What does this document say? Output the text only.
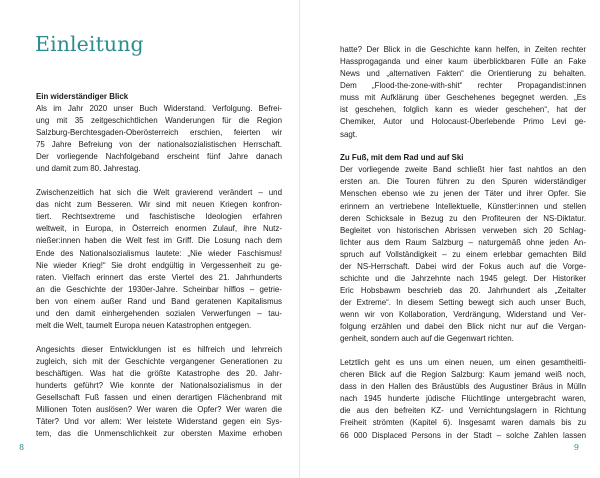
Einleitung
Ein widerständiger Blick
Als im Jahr 2020 unser Buch Widerstand. Verfolgung. Befrei-
ung mit 35 zeitgeschichtlichen Wanderungen für die Region
Salzburg-Berchtesgaden-Oberösterreich erschien, feierten wir
75 Jahre Befreiung von der nationalsozialistischen Herrschaft.
Der vorliegende Nachfolgeband erscheint fünf Jahre danach
und damit zum 80. Jahrestag.
Zwischenzeitlich hat sich die Welt gravierend verändert – und
das nicht zum Besseren. Wir sind mit neuen Kriegen konfron-
tiert. Rechtsextreme und faschistische Ideologien erfahren
weltweit, in Europa, in Österreich enormen Zulauf, ihre Nutz-
nießer:innen haben die Welt fest im Griff. Die Losung nach dem
Ende des Nationalsozialismus lautete: „Nie wieder Faschismus!
Nie wieder Krieg!“ Sie droht endgültig in Vergessenheit zu ge-
raten. Vielfach erinnert das erste Viertel des 21. Jahrhunderts
an die Geschichte der 1930er-Jahre. Scheinbar hilflos – getrie-
ben von einem außer Rand und Band geratenen Kapitalismus
und den damit einhergehenden sozialen Verwerfungen – tau-
melt die Welt, taumelt Europa neuen Katastrophen entgegen.
Angesichts dieser Entwicklungen ist es hilfreich und lehrreich
zugleich, sich mit der Geschichte vergangener Generationen zu
beschäftigen. Was hat die größte Katastrophe des 20. Jahr-
hunderts geführt? Wie konnte der Nationalsozialismus in der
Gesellschaft Fuß fassen und einen derartigen Flächenbrand mit
Millionen Toten auslösen? Wer waren die Opfer? Wer waren die
Täter? Und vor allem: Wer leistete Widerstand gegen ein Sys-
tem, das die Unmenschlichkeit zur obersten Maxime erhoben
8
hatte? Der Blick in die Geschichte kann helfen, in Zeiten rechter
Hassprogaganda und einer kaum überblickbaren Fülle an Fake
News und „alternativen Fakten“ die Orientierung zu behalten.
Dem „Flood-the-zone-with-shit“ rechter Propagandist:innen
muss mit Aufklärung über Geschehenes begegnet werden. „Es
ist geschehen, folglich kann es wieder geschehen“, hat der
Chemiker, Autor und Holocaust-Überlebende Primo Levi ge-
sagt.
Zu Fuß, mit dem Rad und auf Ski
Der vorliegende zweite Band schließt hier fast nahtlos an den
ersten an. Die Touren führen zu den Spuren widerständiger
Menschen ebenso wie zu jenen der Täter und ihrer Opfer. Sie
erinnern an vertriebene Intellektuelle, Künstler:innen und stellen
deren Schicksale in Bezug zu den Profiteuren der NS-Diktatur.
Begleitet von historischen Abrissen verweben sich 20 Schlag-
lichter aus dem Raum Salzburg – naturgemäß ohne jeden An-
spruch auf Vollständigkeit – zu einem erlebbar gemachten Bild
der NS-Herrschaft. Dabei wird der Fokus auch auf die Vorge-
schichte und die Jahrzehnte nach 1945 gelegt. Der Historiker
Eric Hobsbawm beschrieb das 20. Jahrhundert als „Zeitalter
der Extreme“. In diesem Setting bewegt sich auch unser Buch,
wenn wir von Kollaboration, Verdrängung, Widerstand und Ver-
folgung erzählen und dabei den Blick nicht nur auf die Vergan-
genheit, sondern auch auf die Gegenwart richten.
Letztlich geht es uns um einen neuen, um einen gesamtheitli-
cheren Blick auf die Region Salzburg: Kaum jemand weiß noch,
dass in den Hallen des Bräustübls des Augustiner Bräus in Mülln
nach 1945 hunderte jüdische Flüchtlinge untergebracht waren,
die aus den befreiten KZ- und Vernichtungslagern in Richtung
Freiheit strömten (Kapitel 6). Insgesamt waren damals bis zu
66 000 Displaced Persons in der Stadt – solche Zahlen lassen
9
